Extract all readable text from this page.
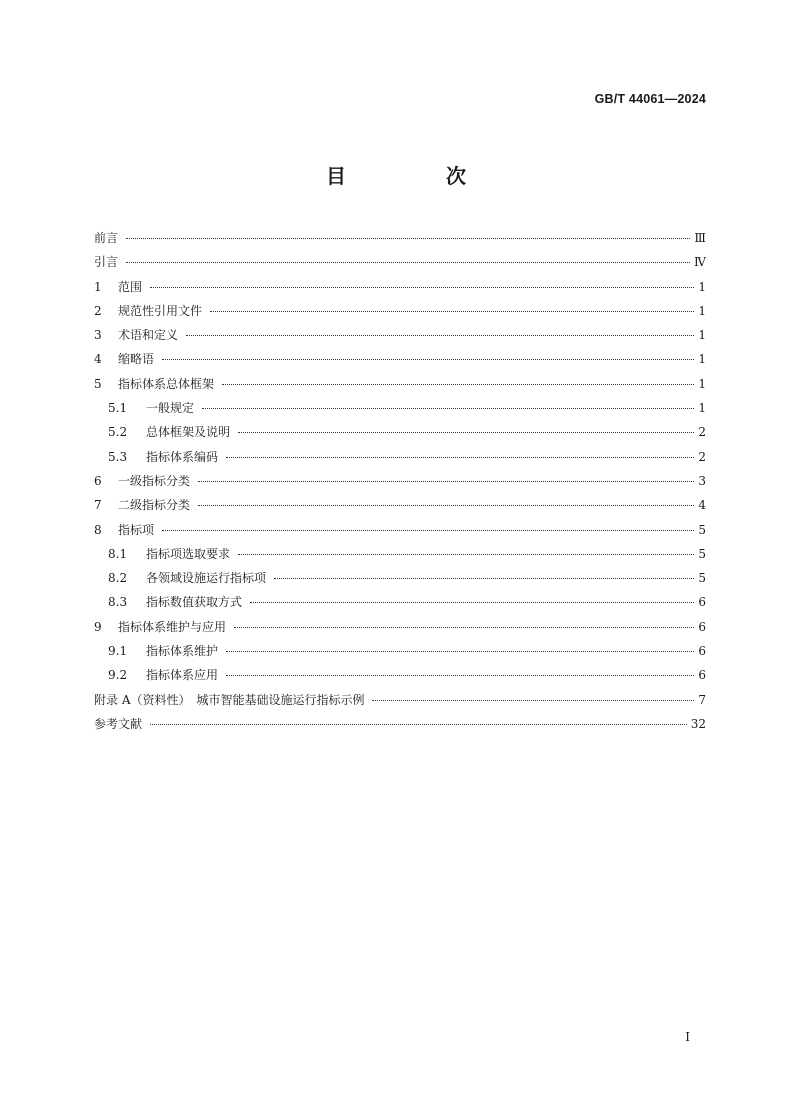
GB/T 44061—2024
目　次
前言	Ⅲ
引言	Ⅳ
1 范围	1
2 规范性引用文件	1
3 术语和定义	1
4 缩略语	1
5 指标体系总体框架	1
5.1 一般规定	1
5.2 总体框架及说明	2
5.3 指标体系编码	2
6 一级指标分类	3
7 二级指标分类	4
8 指标项	5
8.1 指标项选取要求	5
8.2 各领域设施运行指标项	5
8.3 指标数值获取方式	6
9 指标体系维护与应用	6
9.1 指标体系维护	6
9.2 指标体系应用	6
附录 A（资料性）　城市智能基础设施运行指标示例	7
参考文献	32
Ⅰ
